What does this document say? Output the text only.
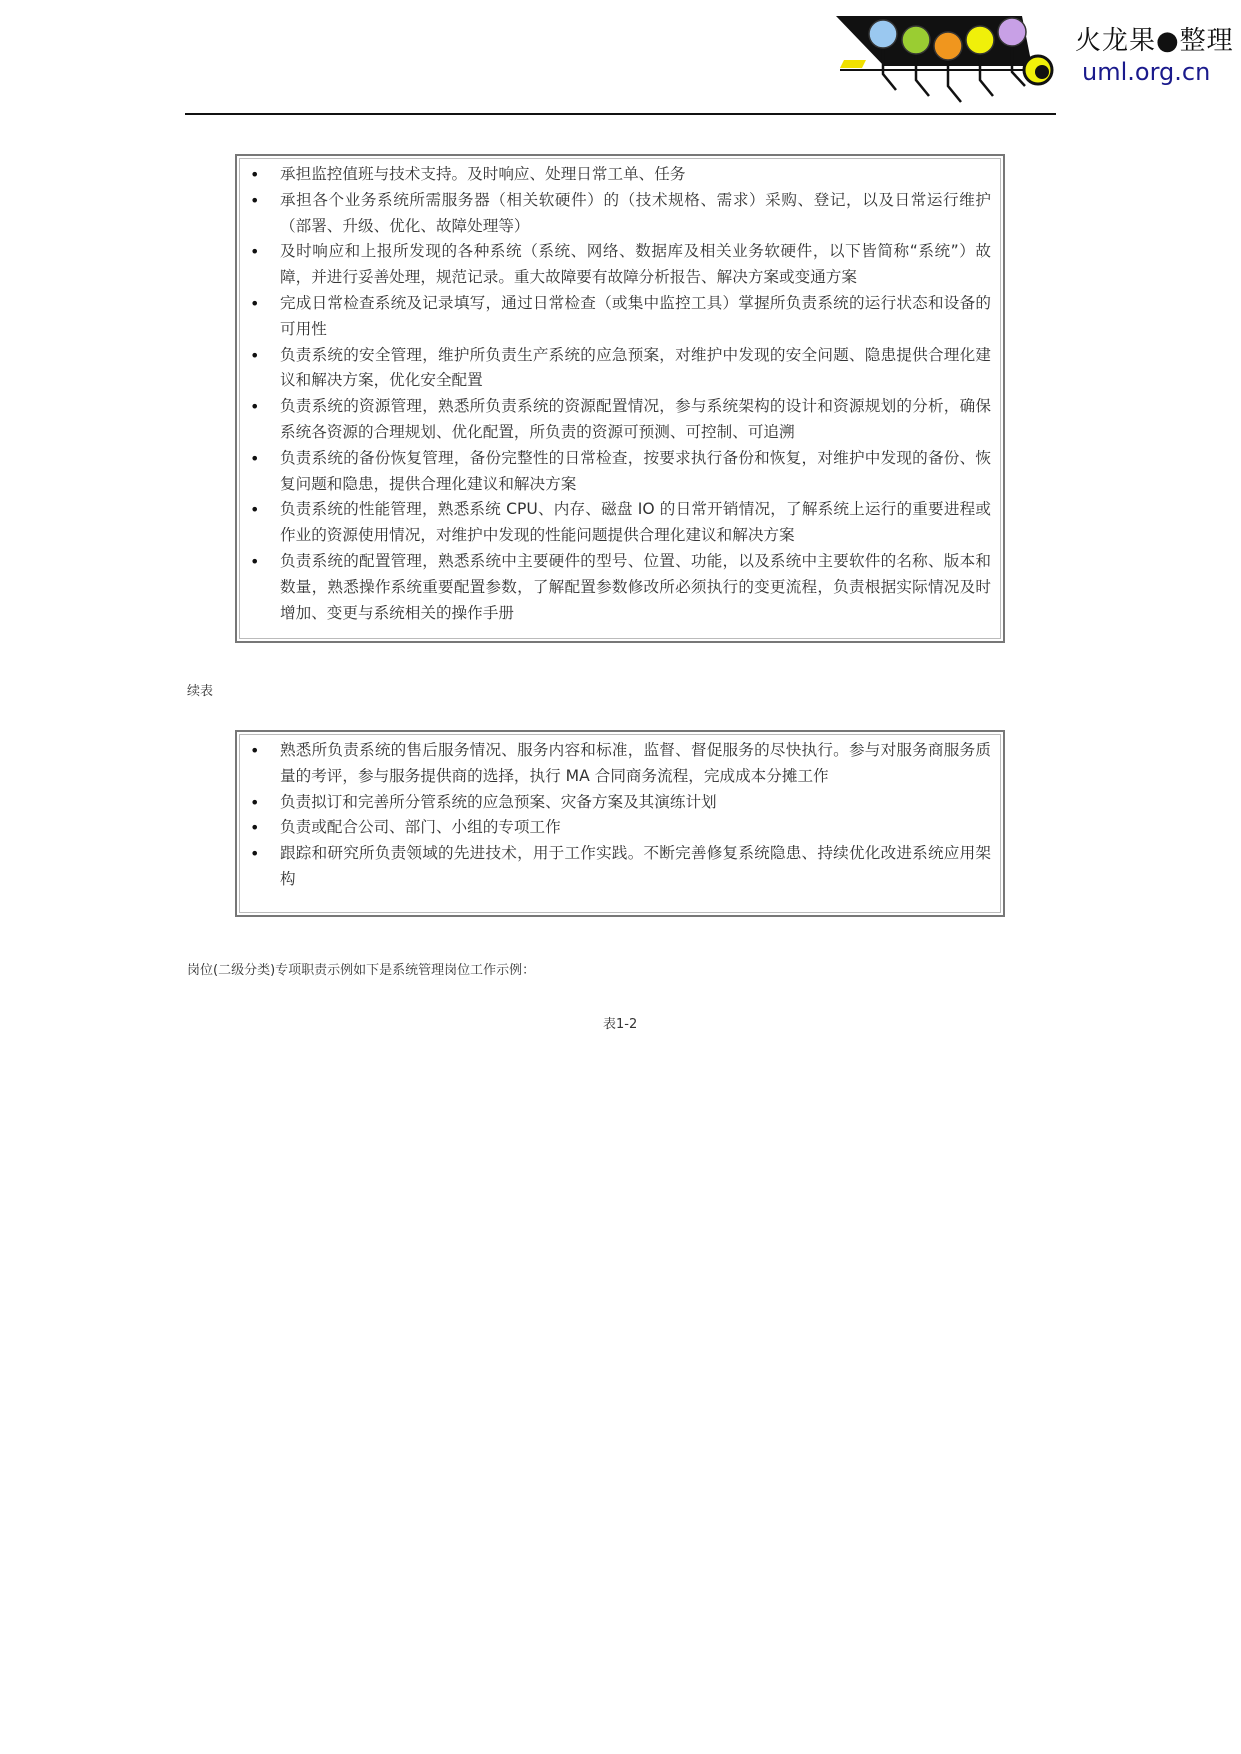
火龙果●整理
uml.org.cn
• 承担监控值班与技术支持。及时响应、处理日常工单、任务
• 承担各个业务系统所需服务器（相关软硬件）的（技术规格、需求）采购、登记，以及日常运行维护（部署、升级、优化、故障处理等）
• 及时响应和上报所发现的各种系统（系统、网络、数据库及相关业务软硬件，以下皆简称“系统”）故障，并进行妥善处理，规范记录。重大故障要有故障分析报告、解决方案或变通方案
• 完成日常检查系统及记录填写，通过日常检查（或集中监控工具）掌握所负责系统的运行状态和设备的可用性
• 负责系统的安全管理，维护所负责生产系统的应急预案，对维护中发现的安全问题、隐患提供合理化建议和解决方案，优化安全配置
• 负责系统的资源管理，熟悉所负责系统的资源配置情况，参与系统架构的设计和资源规划的分析，确保系统各资源的合理规划、优化配置，所负责的资源可预测、可控制、可追溯
• 负责系统的备份恢复管理，备份完整性的日常检查，按要求执行备份和恢复，对维护中发现的备份、恢复问题和隐患，提供合理化建议和解决方案
• 负责系统的性能管理，熟悉系统 CPU、内存、磁盘 IO 的日常开销情况，了解系统上运行的重要进程或作业的资源使用情况，对维护中发现的性能问题提供合理化建议和解决方案
• 负责系统的配置管理，熟悉系统中主要硬件的型号、位置、功能，以及系统中主要软件的名称、版本和数量，熟悉操作系统重要配置参数，了解配置参数修改所必须执行的变更流程，负责根据实际情况及时增加、变更与系统相关的操作手册
续表
• 熟悉所负责系统的售后服务情况、服务内容和标准，监督、督促服务的尽快执行。参与对服务商服务质量的考评，参与服务提供商的选择，执行 MA 合同商务流程，完成成本分摊工作
• 负责拟订和完善所分管系统的应急预案、灾备方案及其演练计划
• 负责或配合公司、部门、小组的专项工作
• 跟踪和研究所负责领域的先进技术，用于工作实践。不断完善修复系统隐患、持续优化改进系统应用架构
岗位(二级分类)专项职责示例如下是系统管理岗位工作示例：
表1-2
